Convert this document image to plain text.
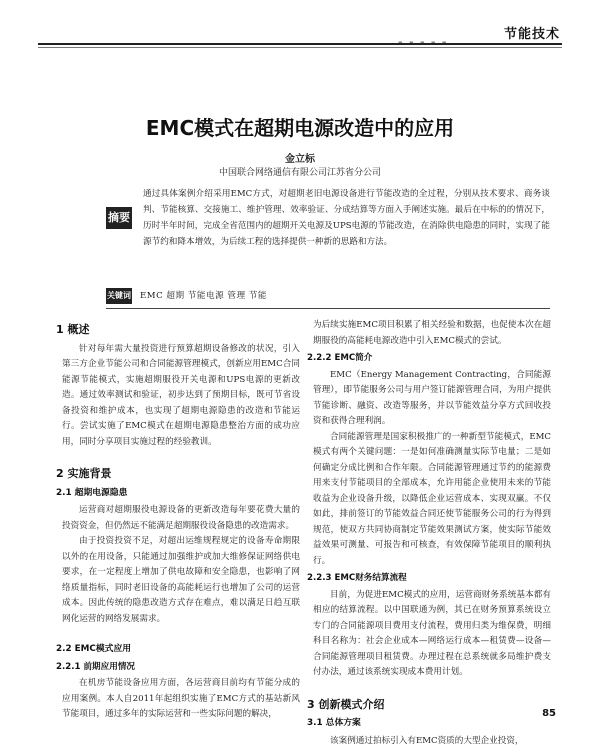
节能技术
EMC模式在超期电源改造中的应用
金立标
中国联合网络通信有限公司江苏省分公司
摘要
通过具体案例介绍采用EMC方式，对超期老旧电源设备进行节能改造的全过程，分别从技术要求、商务谈判、节能核算、交接施工、维护管理、效率验证、分成结算等方面入手阐述实施。最后在中标的的情况下，历时半年时间，完成全省范围内的超期开关电源及UPS电源的节能改造，在消除供电隐患的同时，实现了能源节约和降本增效，为后续工程的选择提供一种新的思路和方法。
关键词 EMC 超期 节能电源 管理 节能
1 概述

针对每年需大量投资进行预算超期设备修改的状况，引入第三方企业节能公司和合同能源管理模式，创新应用EMC合同能源节能模式，实施超期服役开关电源和UPS电源的更新改造。通过效率测试和验证，初步达到了预期目标，既可节省设备投资和维护成本，也实现了超期电源隐患的改造和节能运行。尝试实施了EMC模式在超期电源隐患整治方面的成功应用，同时分享项目实施过程的经验教训。

2 实施背景
2.1 超期电源隐患

运营商对超期服役电源设备的更新改造每年要花费大量的投资资金，但仍然远不能满足超期服役设备隐患的改造需求。

由于投资投资不足，对超出运维规程规定的设备寿命期限以外的在用设备，只能通过加强维护或加大维修保证网络供电要求，在一定程度上增加了供电故障和安全隐患，也影响了网络质量指标，同时老旧设备的高能耗运行也增加了公司的运营成本。因此传统的隐患改造方式存在难点，难以满足日趋互联网化运营的网络发展需求。

2.2 EMC模式应用
2.2.1 前期应用情况

在机房节能设备应用方面，各运营商目前均有节能分成的应用案例。本人自2011年起组织实施了EMC方式的基站新风节能项目，通过多年的实际运营和一些实际问题的解决，

为后续实施EMC项目积累了相关经验和数据，也促使本次在超期服役的高能耗电源改造中引入EMC模式的尝试。

2.2.2 EMC简介

EMC（Energy Management Contracting，合同能源管理），即节能服务公司与用户签订能源管理合同，为用户提供节能诊断、融资、改造等服务，并以节能效益分享方式回收投资和获得合理利润。

合同能源管理是国家积极推广的一种新型节能模式，EMC模式有两个关键问题：一是如何准确测量实际节电量；二是如何确定分成比例和合作年限。合同能源管理通过节约的能源费用来支付节能项目的全部成本，允许用能企业使用未来的节能收益为企业设备升级，以降低企业运营成本、实现双赢。不仅如此，排前签订的节能效益合同还使节能服务公司的行为得到规范，使双方共同协商制定节能效果测试方案，使实际节能效益效果可测量、可报告和可核查，有效保障节能项目的顺利执行。

2.2.3 EMC财务结算流程

目前，为促进EMC模式的应用，运营商财务系统基本都有相应的结算流程。以中国联通为例，其已在财务预算系统设立专门的合同能源项目费用支付流程，费用归类为维保费，明细科目名称为：社会企业成本—网络运行成本—租赁费—设备—合同能源管理项目租赁费。办理过程在总系统就多局维护费支付办法，通过该系统实现成本费用计划。

3 创新模式介绍
3.1 总体方案

该案例通过拍标引入有EMC资质的大型企业投资，

85
